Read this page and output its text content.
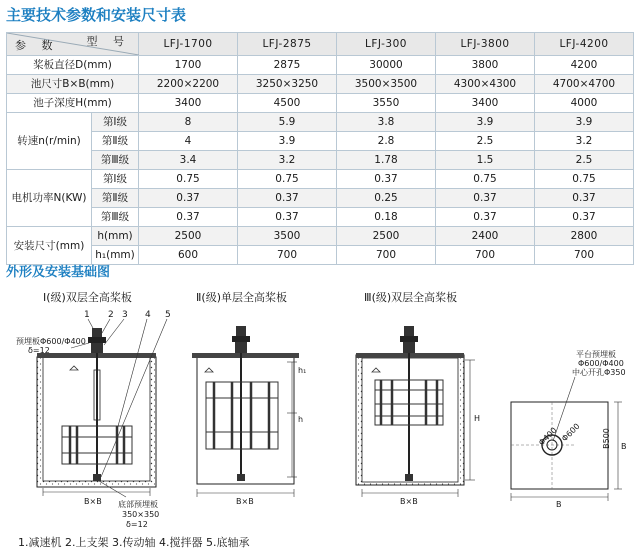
主要技术参数和安装尺寸表
型 号
参 数		LFJ-1700	LFJ-2875	LFJ-300	LFJ-3800	LFJ-4200
桨板直径D(mm)		1700	2875	30000	3800	4200
池尺寸B×B(mm)		2200×2200	3250×3250	3500×3500	4300×4300	4700×4700
池子深度H(mm)		3400	4500	3550	3400	4000
转速n(r/min)	第Ⅰ级	8	5.9	3.8	3.9	3.9
	第Ⅱ级	4	3.9	2.8	2.5	3.2
	第Ⅲ级	3.4	3.2	1.78	1.5	2.5
电机功率N(KW)	第Ⅰ级	0.75	0.75	0.37	0.75	0.75
	第Ⅱ级	0.37	0.37	0.25	0.37	0.37
	第Ⅲ级	0.37	0.37	0.18	0.37	0.37
安装尺寸(mm)	h(mm)	2500	3500	2500	2400	2800
	h₁(mm)	600	700	700	700	700
外形及安装基础图
Ⅰ(级)双层全高桨板	Ⅱ(级)单层全高桨板	Ⅲ(级)双层全高桨板
1 2 3 4 5
预埋板Φ600/Φ400
δ=12
B×B 底部预埋板
350×350
δ=12
h₁
h
B×B
H
B×B
平台预埋板
Φ600/Φ400
中心开孔Φ350
Φ400 Φ600	B500 B
B
1.减速机 2.上支架 3.传动轴 4.搅拌器 5.底轴承
